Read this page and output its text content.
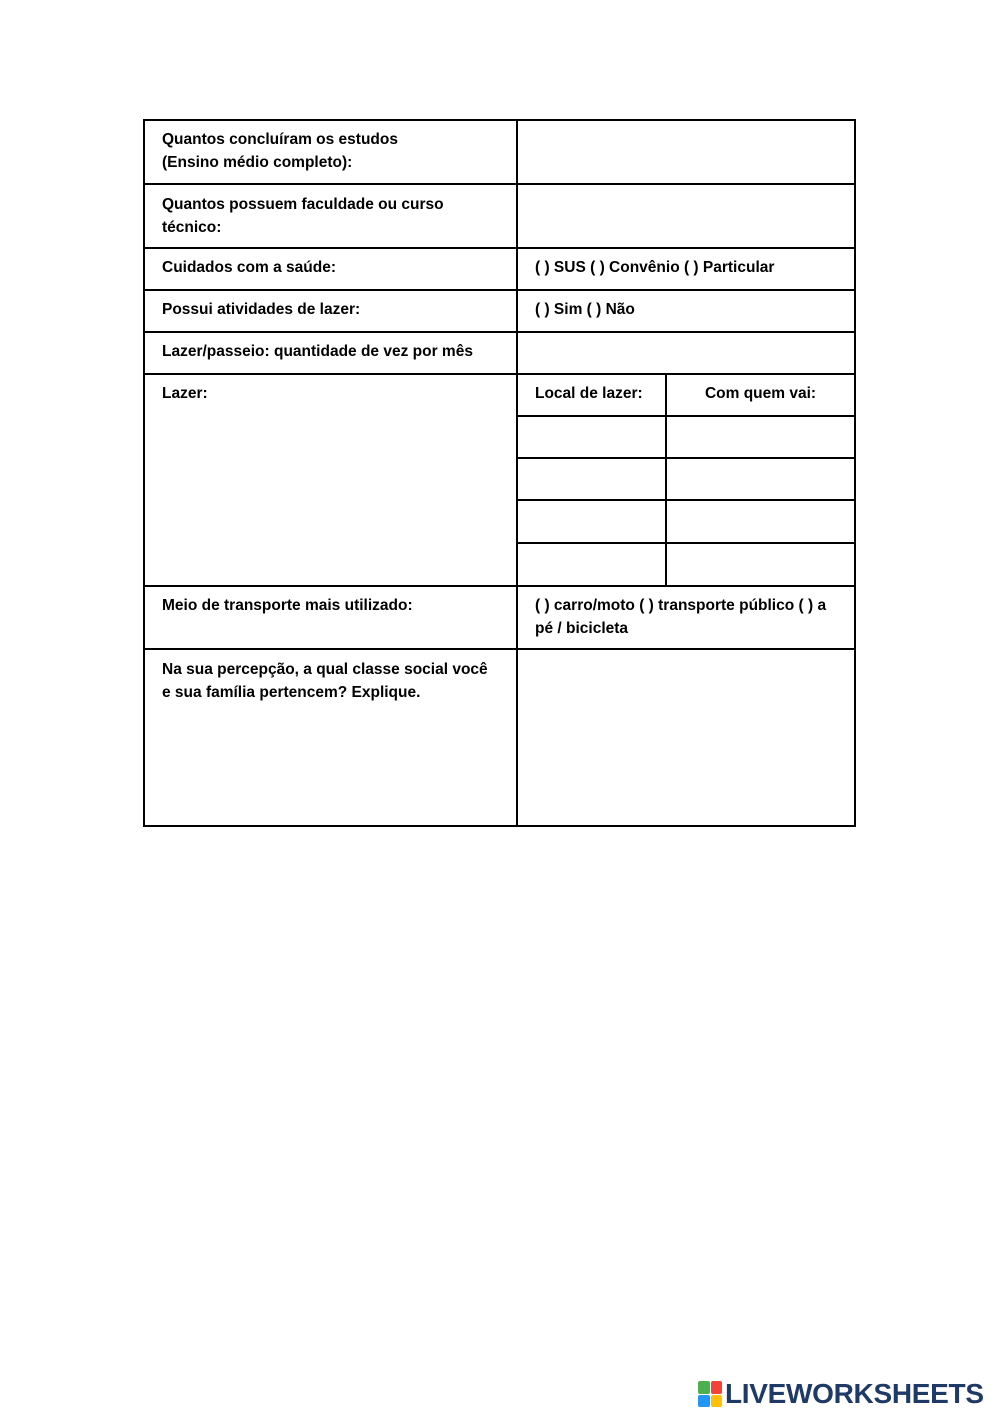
Quantos concluíram os estudos
(Ensino médio completo):
Quantos possuem faculdade ou curso
técnico:
Cuidados com a saúde:	( ) SUS ( ) Convênio ( ) Particular
Possui atividades de lazer:	( ) Sim ( ) Não
Lazer/passeio: quantidade de vez por mês
Lazer:	Local de lazer:	Com quem vai:
Meio de transporte mais utilizado:	( ) carro/moto ( ) transporte público ( ) a
pé / bicicleta
Na sua percepção, a qual classe social você
e sua família pertencem? Explique.
LIVEWORKSHEETS
